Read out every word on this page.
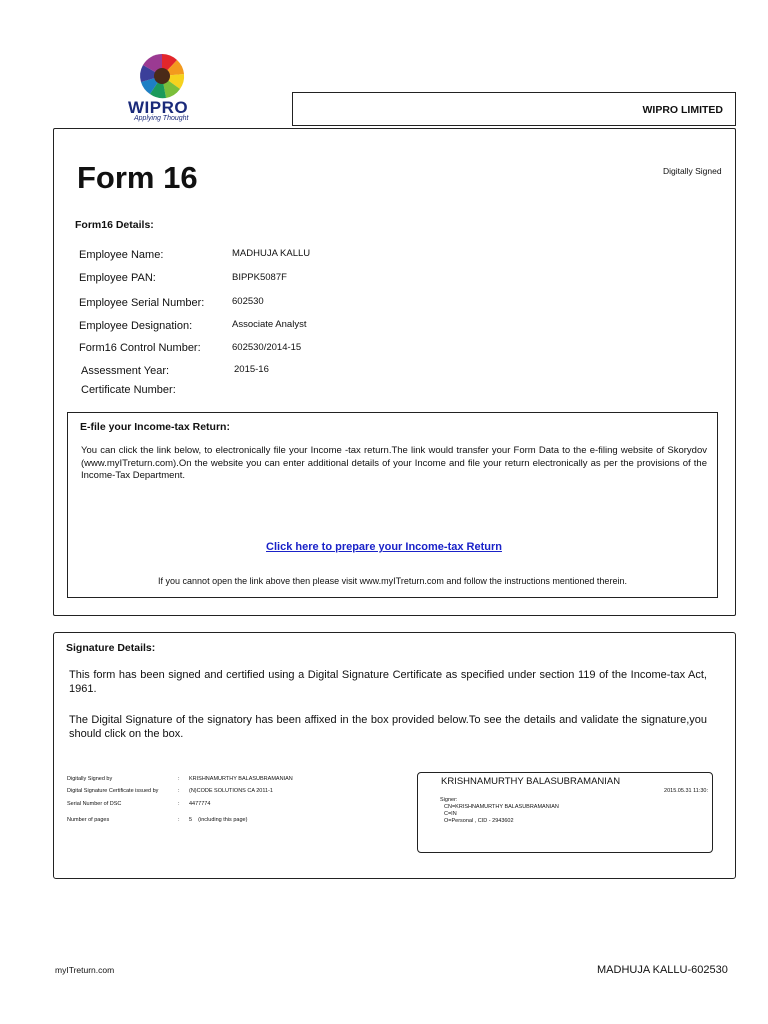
WIPRO
Applying Thought
WIPRO LIMITED
Form 16	Digitally Signed
Form16 Details:
Employee Name:	MADHUJA KALLU
Employee PAN:	BIPPK5087F
Employee Serial Number:	602530
Employee Designation:	Associate Analyst
Form16 Control Number:	602530/2014-15
Assessment Year:	2015-16
Certificate Number:
E-file your Income-tax Return:
You can click the link below, to electronically file your Income -tax return.The link would transfer your Form Data to the e-filing website of Skorydov (www.myITreturn.com).On the website you can enter additional details of your Income and file your return electronically as per the provisions of the Income-Tax Department.
Click here to prepare your Income-tax Return
If you cannot open the link above then please visit www.myITreturn.com and follow the instructions mentioned therein.
Signature Details:
This form has been signed and certified using a Digital Signature Certificate as specified under section 119 of the Income-tax Act, 1961.
The Digital Signature of the signatory has been affixed in the box provided below.To see the details and validate the signature,you should click on the box.
Digitally Signed by	: KRISHNAMURTHY BALASUBRAMANIAN
Digital Signature Certificate issued by	: (N)CODE SOLUTIONS CA 2011-1
Serial Number of DSC	: 4477774
Number of pages	: 5    (including this page)
KRISHNAMURTHY BALASUBRAMANIAN
2015.05.31 11:30:
Signer:
CN=KRISHNAMURTHY BALASUBRAMANIAN
C=IN
O=Personal , CID - 2943602
myITreturn.com	MADHUJA KALLU-602530
